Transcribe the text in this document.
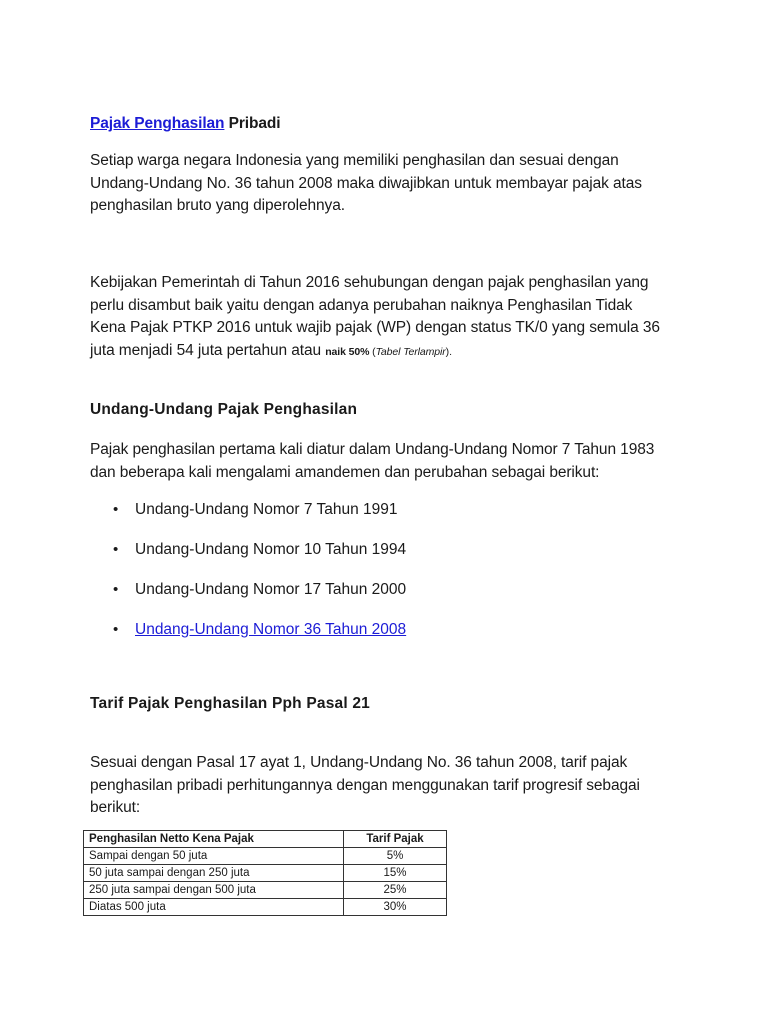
Pajak Penghasilan Pribadi
Setiap warga negara Indonesia yang memiliki penghasilan dan sesuai dengan
Undang-Undang No. 36 tahun 2008 maka diwajibkan untuk membayar pajak atas
penghasilan bruto yang diperolehnya.
Kebijakan Pemerintah di Tahun 2016 sehubungan dengan pajak penghasilan yang
perlu disambut baik yaitu dengan adanya perubahan naiknya Penghasilan Tidak
Kena Pajak PTKP 2016 untuk wajib pajak (WP) dengan status TK/0 yang semula 36
juta menjadi 54 juta pertahun atau naik 50% (Tabel Terlampir).
Undang-Undang Pajak Penghasilan
Pajak penghasilan pertama kali diatur dalam Undang-Undang Nomor 7 Tahun 1983
dan beberapa kali mengalami amandemen dan perubahan sebagai berikut:
• Undang-Undang Nomor 7 Tahun 1991
• Undang-Undang Nomor 10 Tahun 1994
• Undang-Undang Nomor 17 Tahun 2000
• Undang-Undang Nomor 36 Tahun 2008
Tarif Pajak Penghasilan Pph Pasal 21
Sesuai dengan Pasal 17 ayat 1, Undang-Undang No. 36 tahun 2008, tarif pajak
penghasilan pribadi perhitungannya dengan menggunakan tarif progresif sebagai
berikut:
Penghasilan Netto Kena Pajak	Tarif Pajak
Sampai dengan 50 juta	5%
50 juta sampai dengan 250 juta	15%
250 juta sampai dengan 500 juta	25%
Diatas 500 juta	30%
